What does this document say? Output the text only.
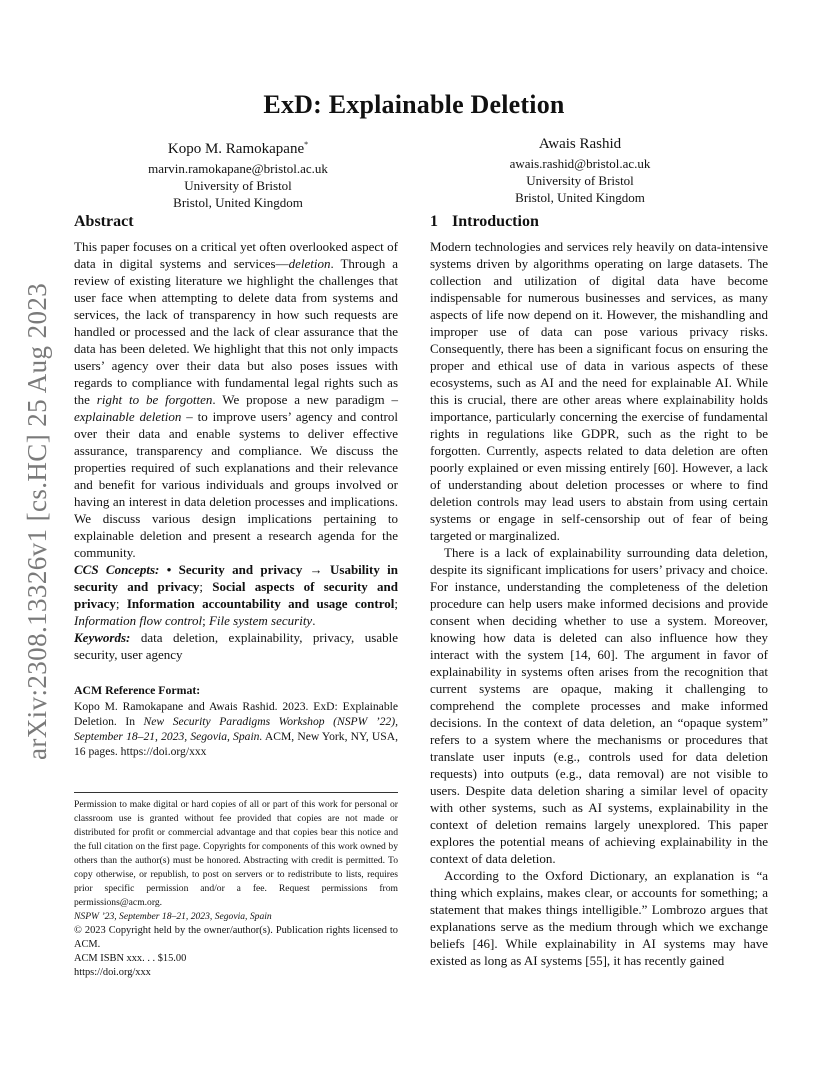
ExD: Explainable Deletion
Kopo M. Ramokapane*
marvin.ramokapane@bristol.ac.uk
University of Bristol
Bristol, United Kingdom
Awais Rashid
awais.rashid@bristol.ac.uk
University of Bristol
Bristol, United Kingdom
arXiv:2308.13326v1 [cs.HC] 25 Aug 2023
Abstract

This paper focuses on a critical yet often overlooked aspect of data in digital systems and services—deletion. Through a review of existing literature we highlight the challenges that user face when attempting to delete data from systems and services, the lack of transparency in how such requests are handled or processed and the lack of clear assurance that the data has been deleted. We highlight that this not only impacts users’ agency over their data but also poses issues with regards to compliance with fundamental legal rights such as the right to be forgotten. We propose a new paradigm – explainable deletion – to improve users’ agency and control over their data and enable systems to deliver effective assurance, transparency and compliance. We discuss the properties required of such explanations and their relevance and benefit for various individuals and groups involved or having an interest in data deletion processes and implications. We discuss various design implications pertaining to explainable deletion and present a research agenda for the community.

CCS Concepts: • Security and privacy → Usability in security and privacy; Social aspects of security and privacy; Information accountability and usage control; Information flow control; File system security.

Keywords: data deletion, explainability, privacy, usable security, user agency

ACM Reference Format:

Kopo M. Ramokapane and Awais Rashid. 2023. ExD: Explainable Deletion. In New Security Paradigms Workshop (NSPW ’22), September 18–21, 2023, Segovia, Spain. ACM, New York, NY, USA, 16 pages. https://doi.org/xxx

Permission to make digital or hard copies of all or part of this work for personal or classroom use is granted without fee provided that copies are not made or distributed for profit or commercial advantage and that copies bear this notice and the full citation on the first page. Copyrights for components of this work owned by others than the author(s) must be honored. Abstracting with credit is permitted. To copy otherwise, or republish, to post on servers or to redistribute to lists, requires prior specific permission and/or a fee. Request permissions from permissions@acm.org.

NSPW ’23, September 18–21, 2023, Segovia, Spain

© 2023 Copyright held by the owner/author(s). Publication rights licensed to ACM.

ACM ISBN xxx. . . $15.00

https://doi.org/xxx

1 Introduction

Modern technologies and services rely heavily on data-intensive systems driven by algorithms operating on large datasets. The collection and utilization of digital data have become indispensable for numerous businesses and services, as many aspects of life now depend on it. However, the mishandling and improper use of data can pose various privacy risks. Consequently, there has been a significant focus on ensuring the proper and ethical use of data in various aspects of these ecosystems, such as AI and the need for explainable AI. While this is crucial, there are other areas where explainability holds importance, particularly concerning the exercise of fundamental rights in regulations like GDPR, such as the right to be forgotten. Currently, aspects related to data deletion are often poorly explained or even missing entirely [60]. However, a lack of understanding about deletion processes or where to find deletion controls may lead users to abstain from using certain systems or engage in self-censorship out of fear of being targeted or marginalized.

There is a lack of explainability surrounding data deletion, despite its significant implications for users’ privacy and choice. For instance, understanding the completeness of the deletion procedure can help users make informed decisions and provide consent when deciding whether to use a system. Moreover, knowing how data is deleted can also influence how they interact with the system [14, 60]. The argument in favor of explainability in systems often arises from the recognition that current systems are opaque, making it challenging to comprehend the complete processes and make informed decisions. In the context of data deletion, an “opaque system” refers to a system where the mechanisms or procedures that translate user inputs (e.g., controls used for data deletion requests) into outputs (e.g., data removal) are not visible to users. Despite data deletion sharing a similar level of opacity with other systems, such as AI systems, explainability in the context of deletion remains largely unexplored. This paper explores the potential means of achieving explainability in the context of data deletion.

According to the Oxford Dictionary, an explanation is “a thing which explains, makes clear, or accounts for something; a statement that makes things intelligible.” Lombrozo argues that explanations serve as the medium through which we exchange beliefs [46]. While explainability in AI systems may have existed as long as AI systems [55], it has recently gained
